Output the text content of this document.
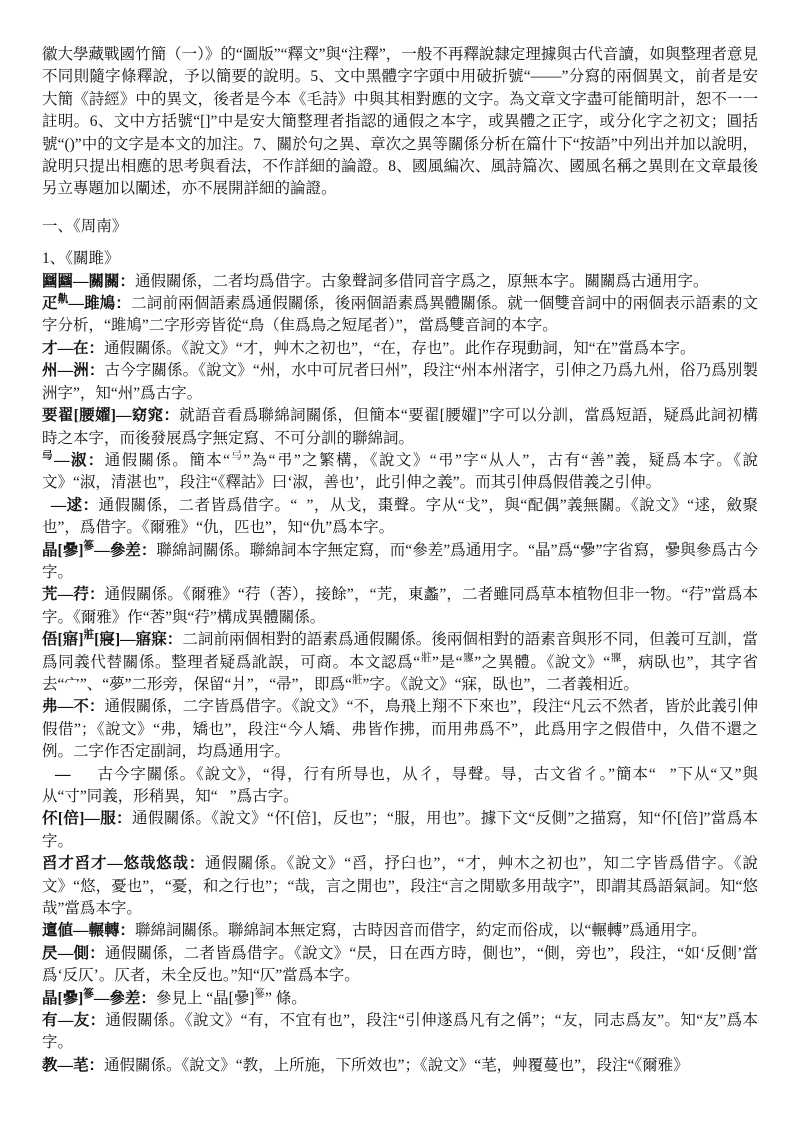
徽大學藏戰國竹簡（一）》的“圖版”“釋文”與“注釋”，一般不再釋說隸定理據與古代音讀，如與整理者意見不同則隨字條釋說，予以簡要的說明。5、文中黑體字字頭中用破折號“——”分寫的兩個異文，前者是安大簡《詩經》中的異文，後者是今本《毛詩》中與其相對應的文字。為文章文字盡可能簡明計，恕不一一註明。6、文中方括號“[]”中是安大簡整理者指認的通假之本字，或異體之正字，或分化字之初文；圓括號“()”中的文字是本文的加注。7、關於句之異、章次之異等關係分析在篇什下“按語”中列出并加以說明，說明只提出相應的思考與看法，不作詳細的論證。8、國風編次、風詩篇次、國風名稱之異則在文章最後另立專題加以闡述，亦不展開詳細的論證。

一、《周南》

1、《關雎》

圝圝—關關：通假關係，二者均爲借字。古象聲詞多借同音字爲之，原無本字。關關爲古通用字。

疋$^鼽$—雎鳩：二詞前兩個語素爲通假關係，後兩個語素爲異體關係。就一個雙音詞中的兩個表示語素的文字分析，“雎鳩”二字形旁皆從“鳥（隹爲鳥之短尾者）”，當爲雙音詞的本字。

才—在：通假關係。《說文》“才，艸木之初也”，“在，存也”。此作存現動詞，知“在”當爲本字。

州—洲：古今字關係。《說文》“州，水中可凥者曰州”，段注“州本州渚字，引伸之乃爲九州，俗乃爲別製洲字”，知“州”爲古字。

要翟[腰嬥]—窈窕：就語音看爲聯綿詞關係，但簡本“要翟[腰嬥]”字可以分訓，當爲短語，疑爲此詞初構時之本字，而後發展爲字無定寫、不可分訓的聯綿詞。

$^𢎥$—淑：通假關係。簡本“$^𢎥$”為“弔”之繁構，《說文》“弔”字“从人”，古有“善”義，疑爲本字。《說文》“淑，清湛也”，段注“《釋詁》曰‘淑，善也’，此引伸之義”。而其引伸爲假借義之引伸。

$^𢧄$—逑：通假關係，二者皆爲借字。“$^𢧄$”，从戈，棗聲。字从“戈”，與“配偶”義無關。《說文》“逑，斂聚也”，爲借字。《爾雅》“仇，匹也”，知“仇”爲本字。

晶[曑]$^篸$—參差：聯綿詞關係。聯綿詞本字無定寫，而“參差”爲通用字。“晶”爲“曑”字省寫，曑與參爲古今字。

苀—荇：通假關係。《爾雅》“荇（莕），接餘”，“苀，東蠡”，二者雖同爲草本植物但非一物。“荇”當爲本字。《爾雅》作“莕”與“荇”構成異體關係。

俉[寤]$^𤕸$[寢]—寤寐：二詞前兩個相對的語素爲通假關係。後兩個相對的語素音與形不同，但義可互訓，當爲同義代替關係。整理者疑爲訛誤，可商。本文認爲“$^𤕸$”是“$^寱$”之異體。《說文》“$^寱$，病臥也”，其字省去“宀”、“夢”二形旁，保留“爿”，“帚”，即爲“$^𤕸$”字。《說文》“寐，臥也”，二者義相近。

弗—不：通假關係，二字皆爲借字。《說文》“不，鳥飛上翔不下來也”，段注“凡云不然者，皆於此義引伸假借”；《說文》“弗，矯也”，段注“今人矯、弗皆作拂，而用弗爲不”，此爲用字之假借中，久借不還之例。二字作否定副詞，均爲通用字。

𠭃—得：古今字關係。《說文》，“得，行有所㝵也，从彳，㝵聲。㝵，古文省彳。”簡本“𠭃”下从“又”與从“寸”同義，形稍異，知“𠭃”爲古字。

伓[倍]—服：通假關係。《說文》“伓[倍]，反也”；“服，用也”。據下文“反側”之描寫，知“伓[倍]”當爲本字。

舀才舀才—悠哉悠哉：通假關係。《說文》“舀，抒臼也”，“才，艸木之初也”，知二字皆爲借字。《說文》“悠，憂也”，“憂，和之行也”；“哉，言之閒也”，段注“言之閒歇多用哉字”，即謂其爲語氣詞。知“悠哉”當爲本字。

邅値—輾轉：聯綿詞關係。聯綿詞本無定寫，古時因音而借字，約定而俗成，以“輾轉”爲通用字。

昃—側：通假關係，二者皆爲借字。《說文》“昃，日在西方時，側也”，“側，旁也”，段注，“如‘反側’當爲‘反仄’。仄者，未全反也。”知“仄”當爲本字。

晶[曑]$^篸$—參差：參見上 “晶[曑]$^篸$” 條。

有—友：通假關係。《說文》“有，不宜有也”，段注“引伸遂爲凡有之偁”；“友，同志爲友”。知“友”爲本字。

教—芼：通假關係。《說文》“教，上所施，下所效也”；《說文》“芼，艸覆蔓也”，段注“《爾雅》
